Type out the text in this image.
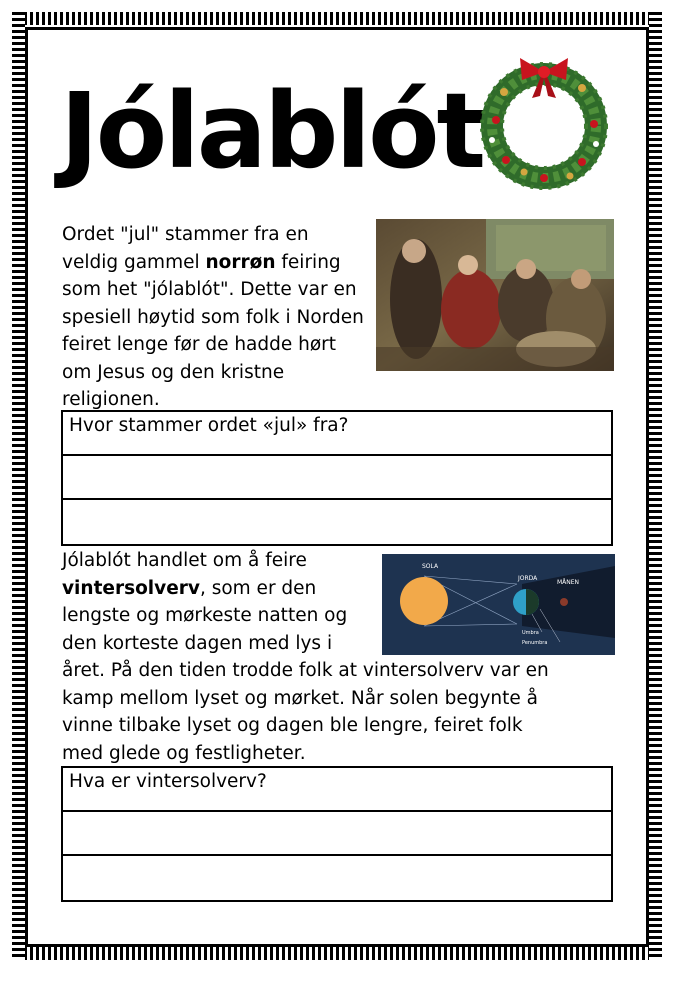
Jólablót

Ordet "jul" stammer fra en veldig gammel norrøn feiring som het "jólablót". Dette var en spesiell høytid som folk i Norden feiret lenge før de hadde hørt om Jesus og den kristne religionen.

Hvor stammer ordet «jul» fra?

Jólablót handlet om å feire
vintersolverv, som er den
lengste og mørkeste natten og
den korteste dagen med lys i
året. På den tiden trodde folk at vintersolverv var en
kamp mellom lyset og mørket. Når solen begynte å
vinne tilbake lyset og dagen ble lengre, feiret folk
med glede og festligheter.

SOLA
JORDA
MÅNEN
Umbra
Penumbra

Hva er vintersolverv?
